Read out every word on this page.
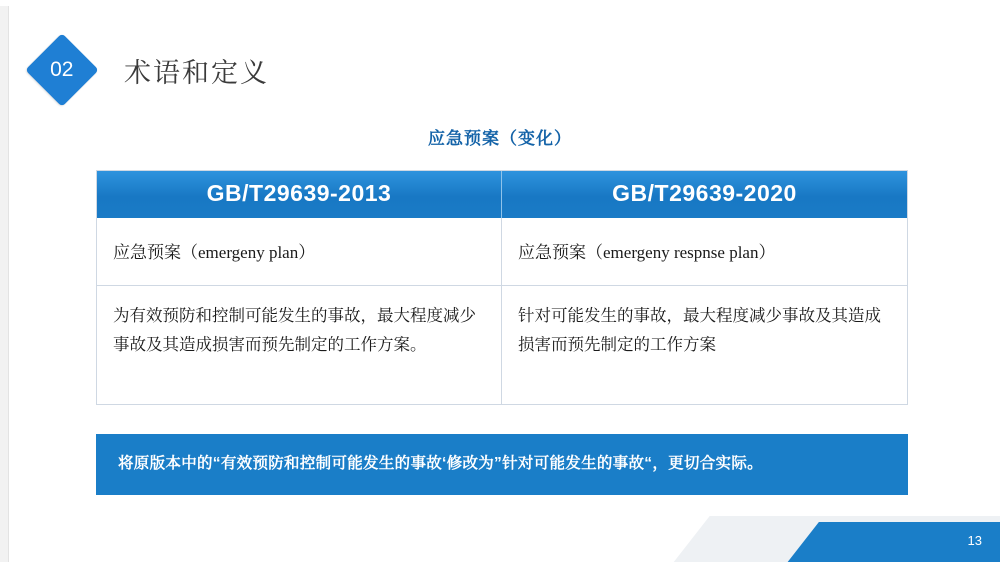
02 术语和定义
应急预案（变化）
GB/T29639-2013	GB/T29639-2020
应急预案（emergeny plan）	应急预案（emergeny respnse plan）
为有效预防和控制可能发生的事故，最大程度减少事故及其造成损害而预先制定的工作方案。
针对可能发生的事故，最大程度减少事故及其造成损害而预先制定的工作方案
将原版本中的“有效预防和控制可能发生的事故‘修改为”针对可能发生的事故“，更切合实际。
13
